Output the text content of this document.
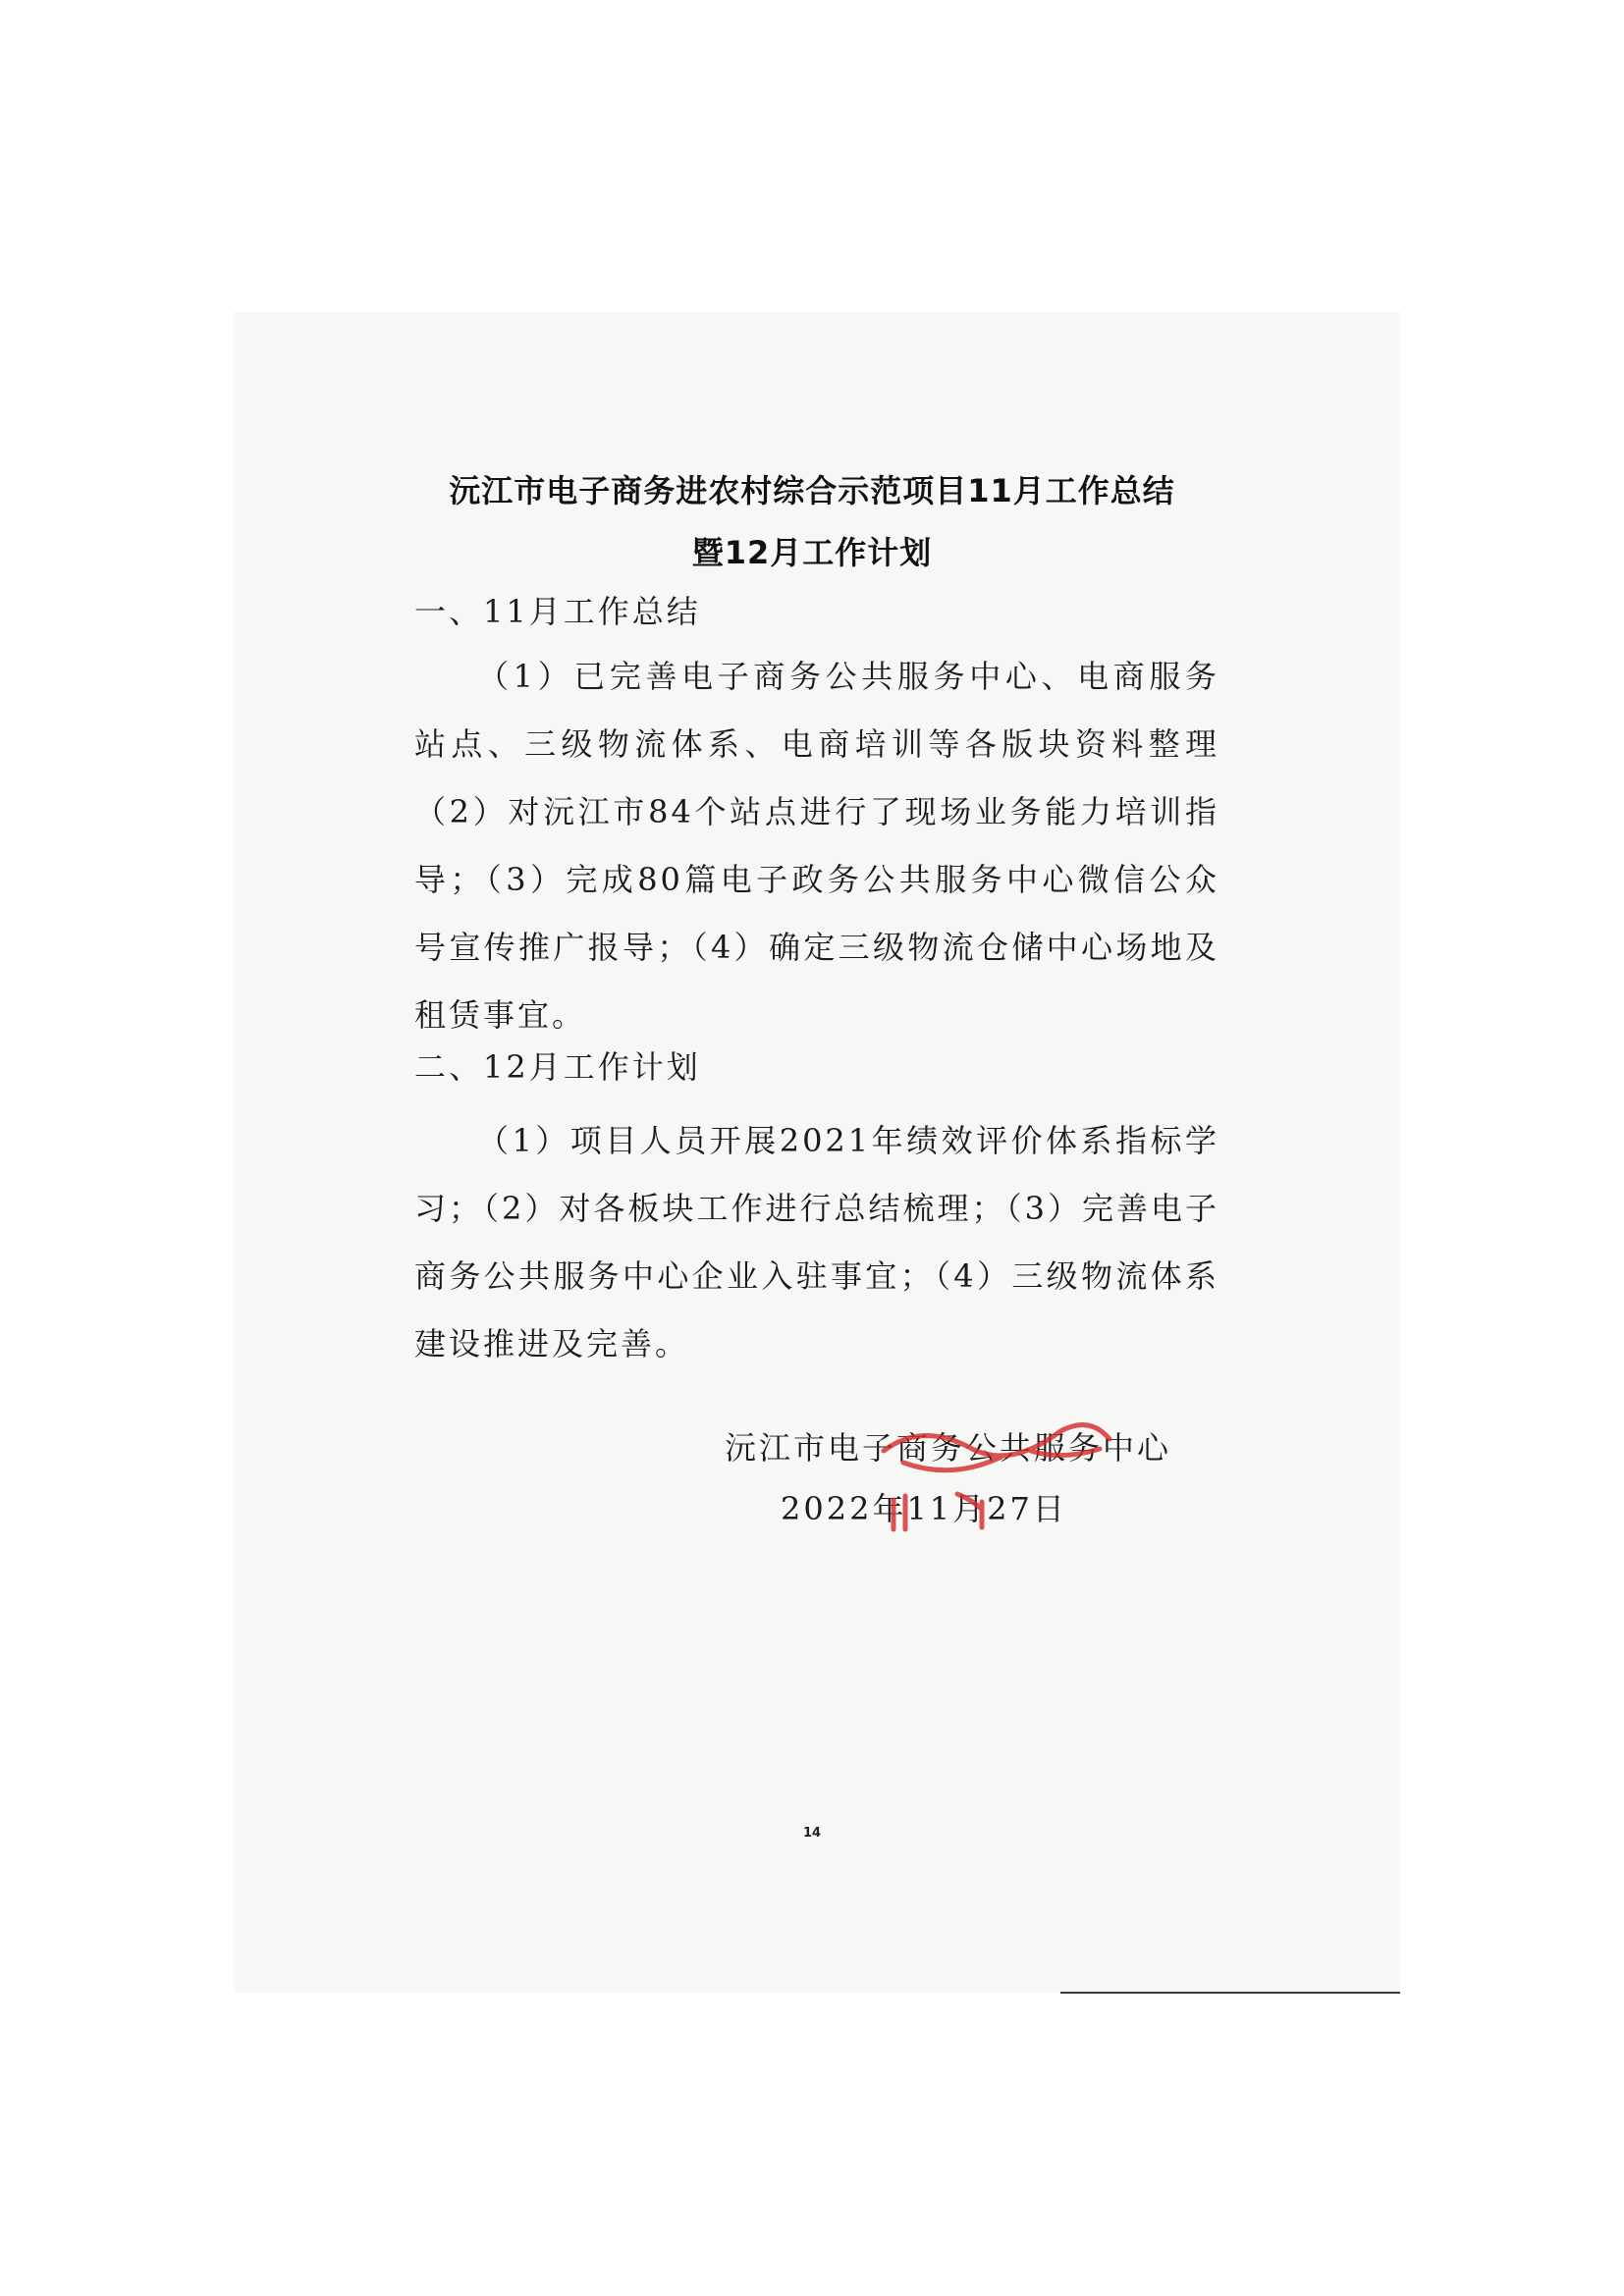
沅江市电子商务进农村综合示范项目11月工作总结
暨12月工作计划
一、11月工作总结

（1）已完善电子商务公共服务中心、电商服务站点、三级物流体系、电商培训等各版块资料整理（2）对沅江市84个站点进行了现场业务能力培训指导；（3）完成80篇电子政务公共服务中心微信公众号宣传推广报导；（4）确定三级物流仓储中心场地及租赁事宜。

二、12月工作计划

（1）项目人员开展2021年绩效评价体系指标学习；（2）对各板块工作进行总结梳理；（3）完善电子商务公共服务中心企业入驻事宜；（4）三级物流体系建设推进及完善。

沅江市电子商务公共服务中心
2022年11月27日
14
